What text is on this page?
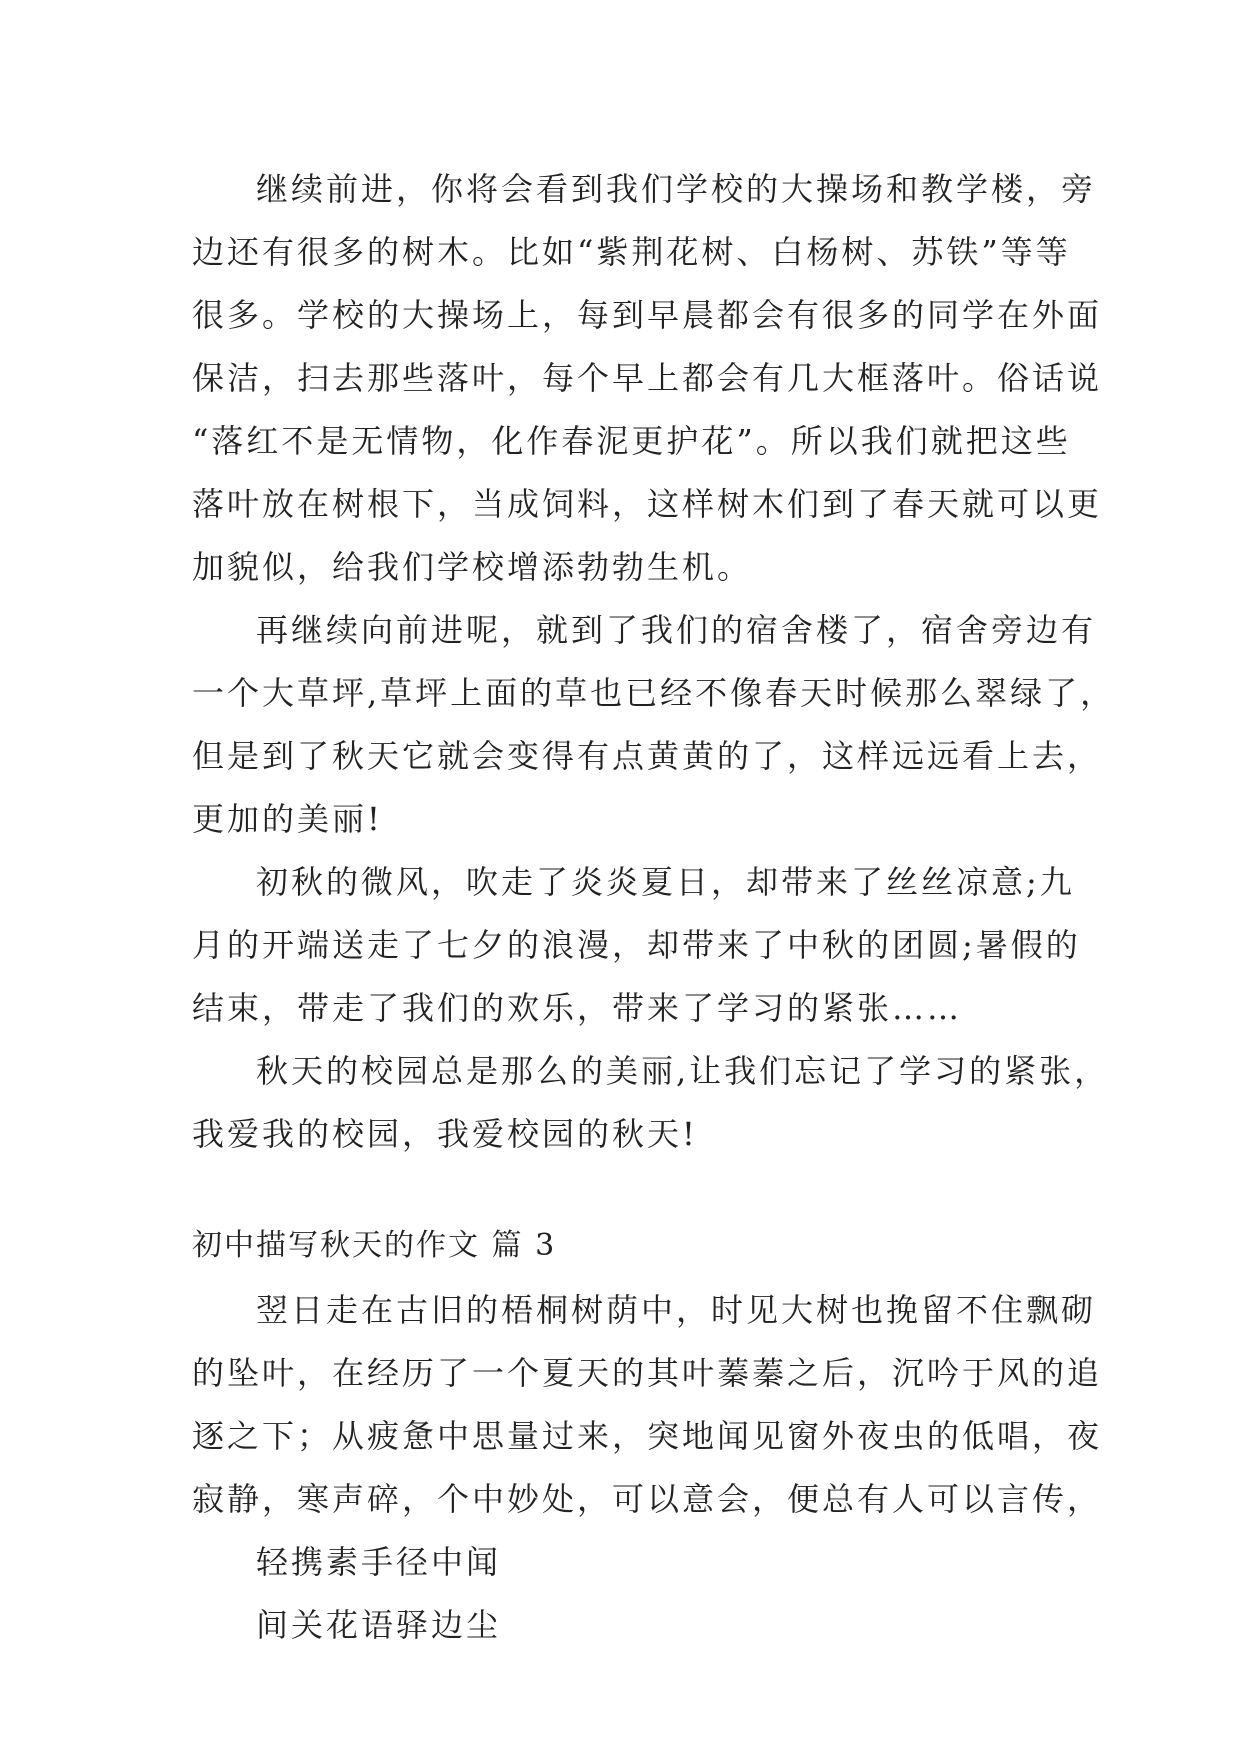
继续前进，你将会看到我们学校的大操场和教学楼，旁
边还有很多的树木。比如“紫荆花树、白杨树、苏铁”等等
很多。学校的大操场上，每到早晨都会有很多的同学在外面
保洁，扫去那些落叶，每个早上都会有几大框落叶。俗话说
“落红不是无情物，化作春泥更护花”。所以我们就把这些
落叶放在树根下，当成饲料，这样树木们到了春天就可以更
加貌似，给我们学校增添勃勃生机。
再继续向前进呢，就到了我们的宿舍楼了，宿舍旁边有
一个大草坪,草坪上面的草也已经不像春天时候那么翠绿了，
但是到了秋天它就会变得有点黄黄的了，这样远远看上去，
更加的美丽!
初秋的微风，吹走了炎炎夏日，却带来了丝丝凉意;九
月的开端送走了七夕的浪漫，却带来了中秋的团圆;暑假的
结束，带走了我们的欢乐，带来了学习的紧张……
秋天的校园总是那么的美丽,让我们忘记了学习的紧张，
我爱我的校园，我爱校园的秋天!
初中描写秋天的作文 篇 3
翌日走在古旧的梧桐树荫中，时见大树也挽留不住飘砌
的坠叶，在经历了一个夏天的其叶蓁蓁之后，沉吟于风的追
逐之下；从疲惫中思量过来，突地闻见窗外夜虫的低唱，夜
寂静，寒声碎，个中妙处，可以意会，便总有人可以言传，
轻携素手径中闻
间关花语驿边尘
